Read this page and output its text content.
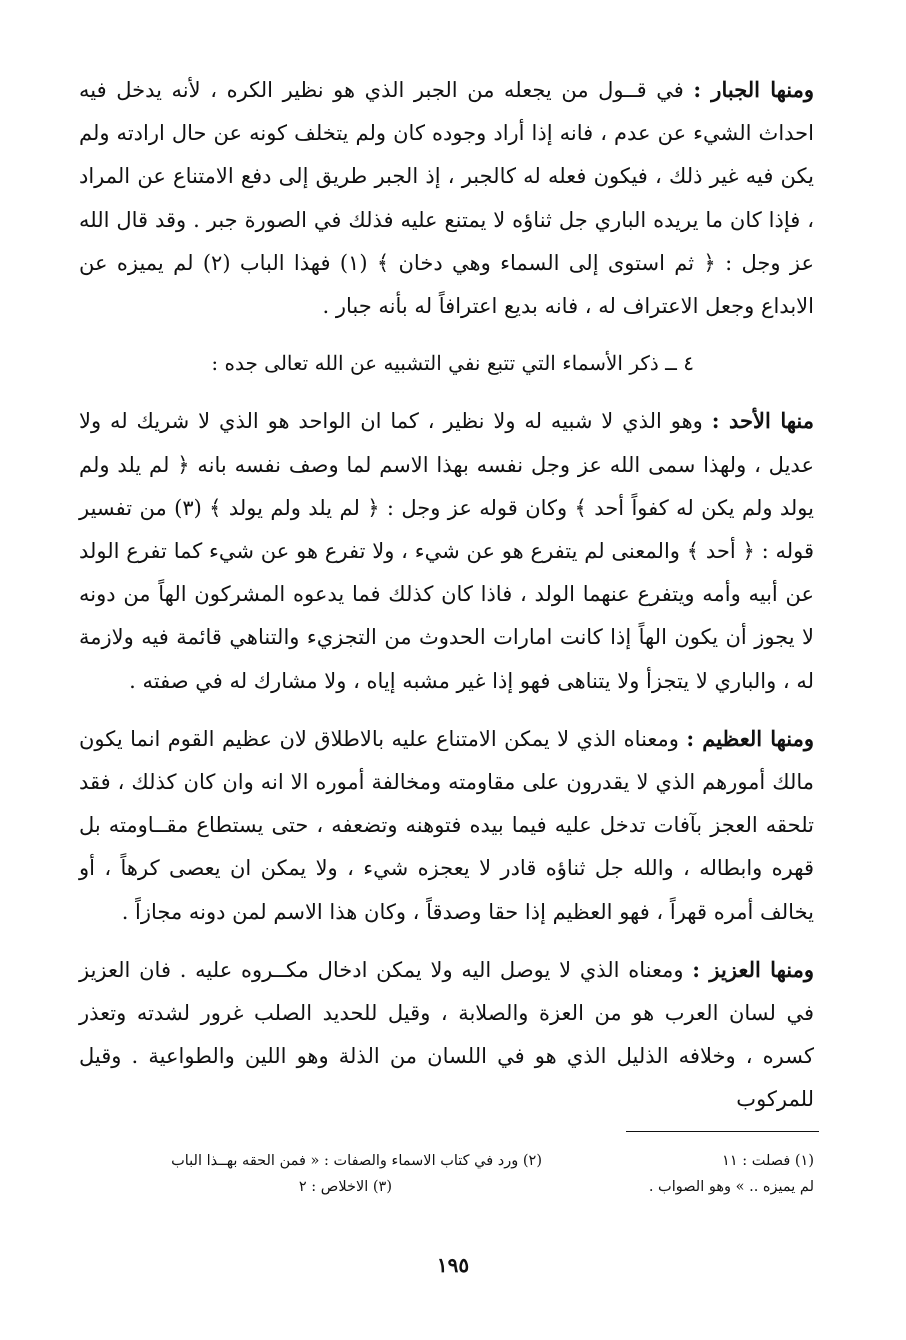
ومنها الجبار : في قــول من يجعله من الجبر الذي هو نظير الكره ، لأنه يدخل فيه احداث الشيء عن عدم ، فانه إذا أراد وجوده كان ولم يتخلف كونه عن حال ارادته ولم يكن فيه غير ذلك ، فيكون فعله له كالجبر ، إذ الجبر طريق إلى دفع الامتناع عن المراد ، فإذا كان ما يريده الباري جل ثناؤه لا يمتنع عليه فذلك في الصورة جبر . وقد قال الله عز وجل : ﴿ ثم استوى إلى السماء وهي دخان ﴾ (١) فهذا الباب (٢) لم يميزه عن الابداع وجعل الاعتراف له ، فانه بديع اعترافاً له بأنه جبار .

٤ ــ ذكر الأسماء التي تتبع نفي التشبيه عن الله تعالى جده :

منها الأحد : وهو الذي لا شبيه له ولا نظير ، كما ان الواحد هو الذي لا شريك له ولا عديل ، ولهذا سمى الله عز وجل نفسه بهذا الاسم لما وصف نفسه بانه ﴿ لم يلد ولم يولد ولم يكن له كفواً أحد ﴾ وكان قوله عز وجل : ﴿ لم يلد ولم يولد ﴾ (٣) من تفسير قوله : ﴿ أحد ﴾ والمعنى لم يتفرع هو عن شيء ، ولا تفرع هو عن شيء كما تفرع الولد عن أبيه وأمه ويتفرع عنهما الولد ، فاذا كان كذلك فما يدعوه المشركون الهاً من دونه لا يجوز أن يكون الهاً إذا كانت امارات الحدوث من التجزيء والتناهي قائمة فيه ولازمة له ، والباري لا يتجزأ ولا يتناهى فهو إذا غير مشبه إياه ، ولا مشارك له في صفته .

ومنها العظيم : ومعناه الذي لا يمكن الامتناع عليه بالاطلاق لان عظيم القوم انما يكون مالك أمورهم الذي لا يقدرون على مقاومته ومخالفة أموره الا انه وان كان كذلك ، فقد تلحقه العجز بآفات تدخل عليه فيما بيده فتوهنه وتضعفه ، حتى يستطاع مقــاومته بل قهره وابطاله ، والله جل ثناؤه قادر لا يعجزه شيء ، ولا يمكن ان يعصى كرهاً ، أو يخالف أمره قهراً ، فهو العظيم إذا حقا وصدقاً ، وكان هذا الاسم لمن دونه مجازاً .

ومنها العزيز : ومعناه الذي لا يوصل اليه ولا يمكن ادخال مكــروه عليه . فان العزيز في لسان العرب هو من العزة والصلابة ، وقيل للحديد الصلب غرور لشدته وتعذر كسره ، وخلافه الذليل الذي هو في اللسان من الذلة وهو اللين والطواعية . وقيل للمركوب

(١) فصلت : ١١
لم يميزه .. » وهو الصواب .
(٢) ورد في كتاب الاسماء والصفات : « فمن الحقه بهــذا الباب
(٣) الاخلاص : ٢
١٩٥
